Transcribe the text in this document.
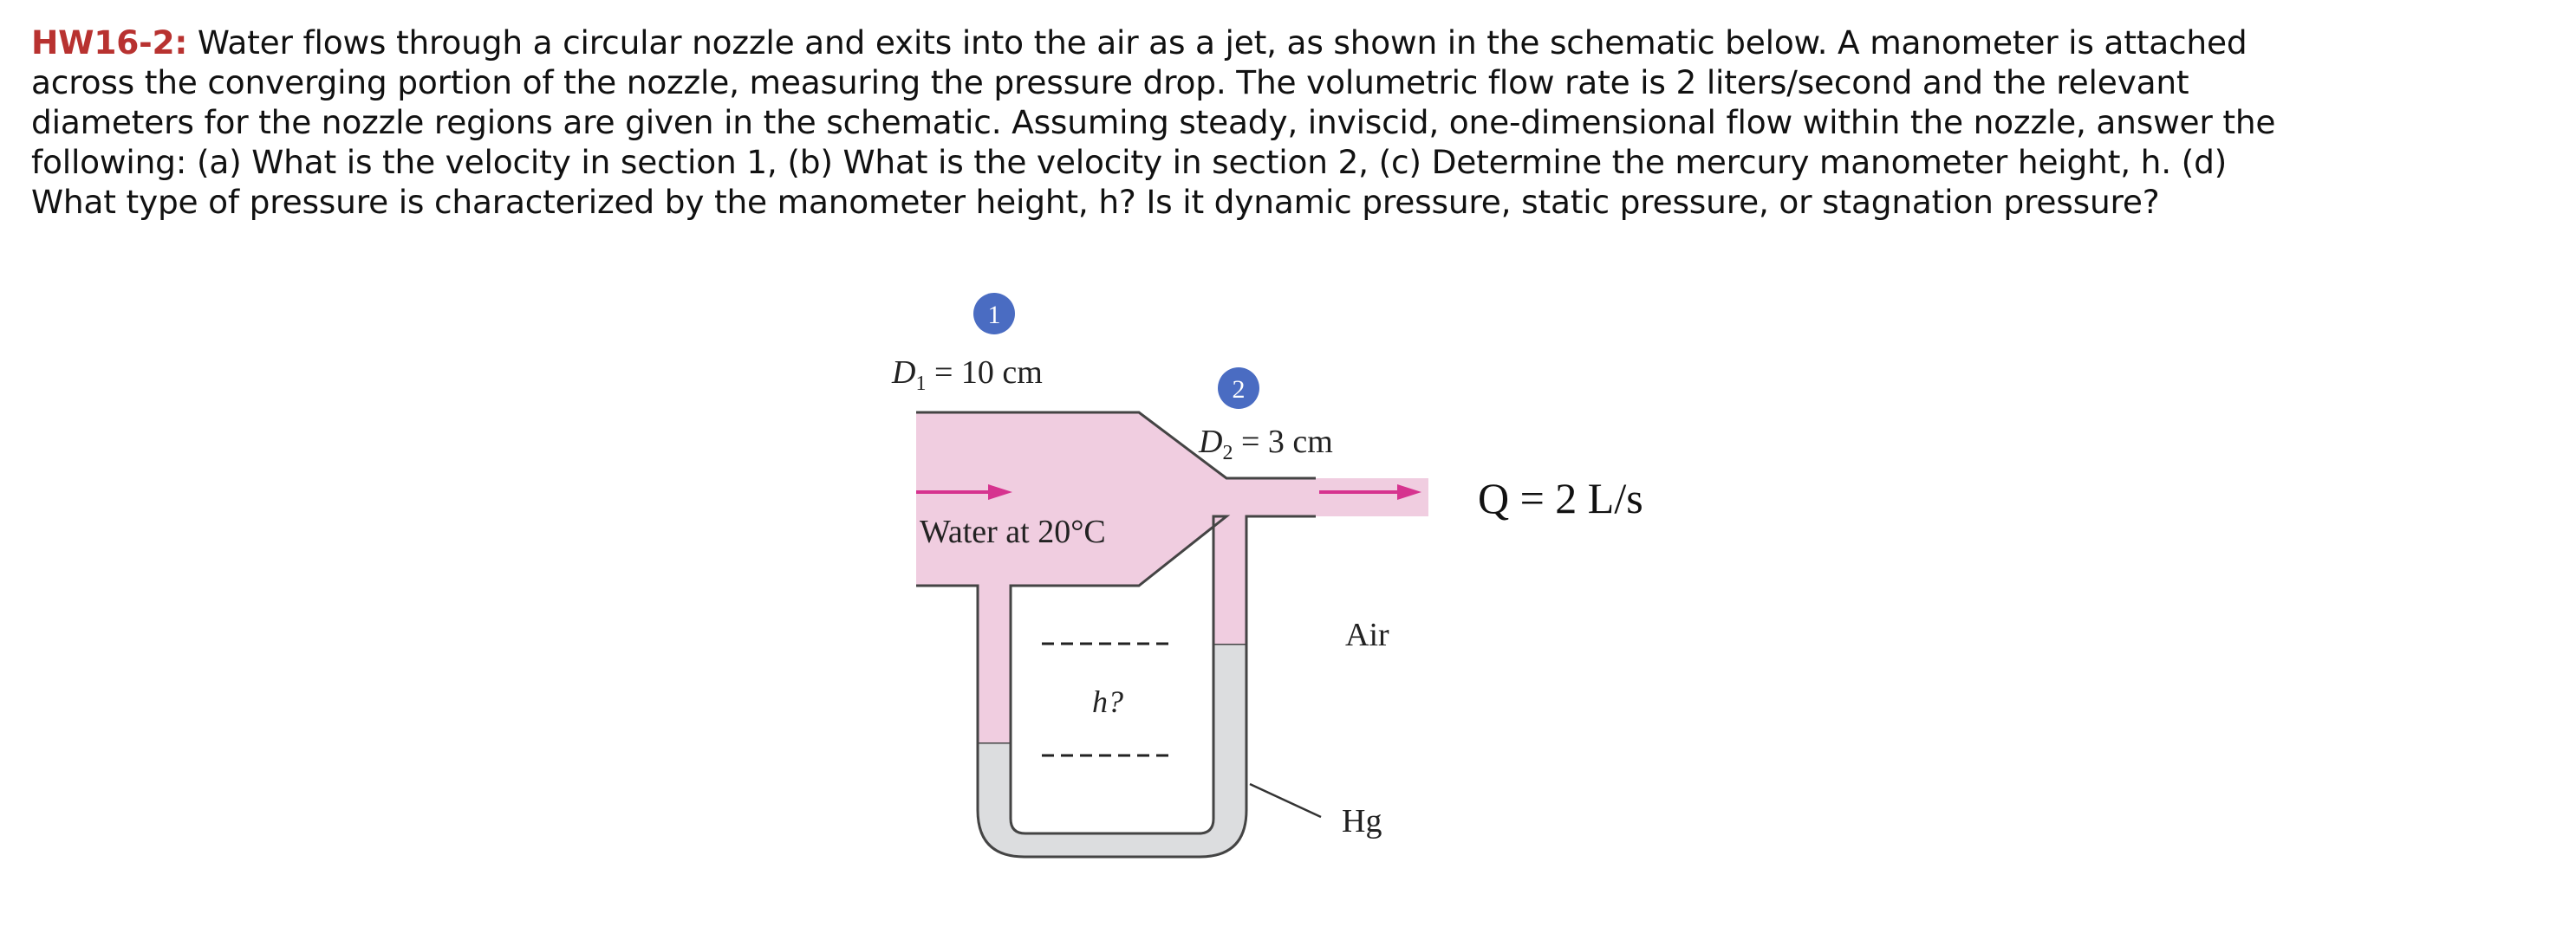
HW16-2: Water flows through a circular nozzle and exits into the air as a jet, as shown in the schematic below. A manometer is attached
across the converging portion of the nozzle, measuring the pressure drop. The volumetric flow rate is 2 liters/second and the relevant
diameters for the nozzle regions are given in the schematic. Assuming steady, inviscid, one-dimensional flow within the nozzle, answer the
following: (a) What is the velocity in section 1, (b) What is the velocity in section 2, (c) Determine the mercury manometer height, h. (d)
What type of pressure is characterized by the manometer height, h? Is it dynamic pressure, static pressure, or stagnation pressure?
1
2
$D_1 = 10$ cm
$D_2 = 3$ cm
Water at 20°C
Q = 2 L/s
h?
Air
Hg
